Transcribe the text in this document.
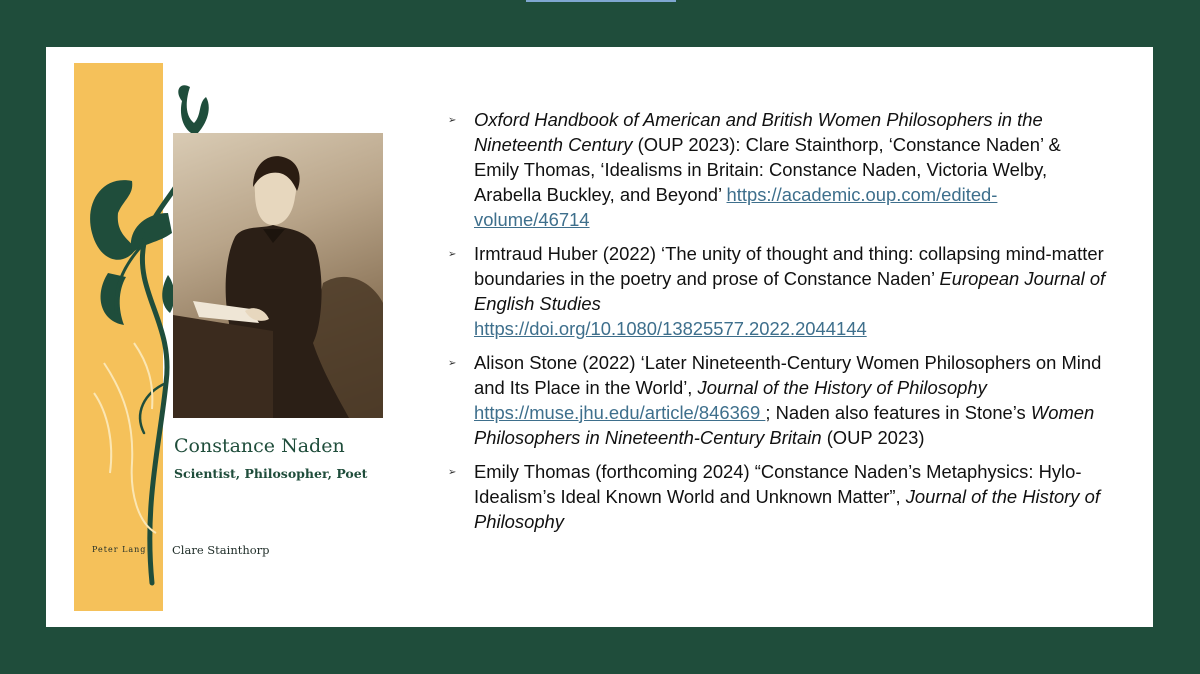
Constance Naden

Scientist, Philosopher, Poet

Peter Lang Clare Stainthorp
➢ Oxford Handbook of American and British Women Philosophers in the Nineteenth Century (OUP 2023): Clare Stainthorp, ‘Constance Naden’ & Emily Thomas, ‘Idealisms in Britain: Constance Naden, Victoria Welby, Arabella Buckley, and Beyond’ https://academic.oup.com/edited-volume/46714
➢ Irmtraud Huber (2022) ‘The unity of thought and thing: collapsing mind-matter boundaries in the poetry and prose of Constance Naden’ European Journal of English Studies
https://doi.org/10.1080/13825577.2022.2044144
➢ Alison Stone (2022) ‘Later Nineteenth-Century Women Philosophers on Mind and Its Place in the World’, Journal of the History of Philosophy https://muse.jhu.edu/article/846369 ; Naden also features in Stone’s Women Philosophers in Nineteenth-Century Britain (OUP 2023)
➢ Emily Thomas (forthcoming 2024) “Constance Naden’s Metaphysics: Hylo-Idealism’s Ideal Known World and Unknown Matter”, Journal of the History of Philosophy
